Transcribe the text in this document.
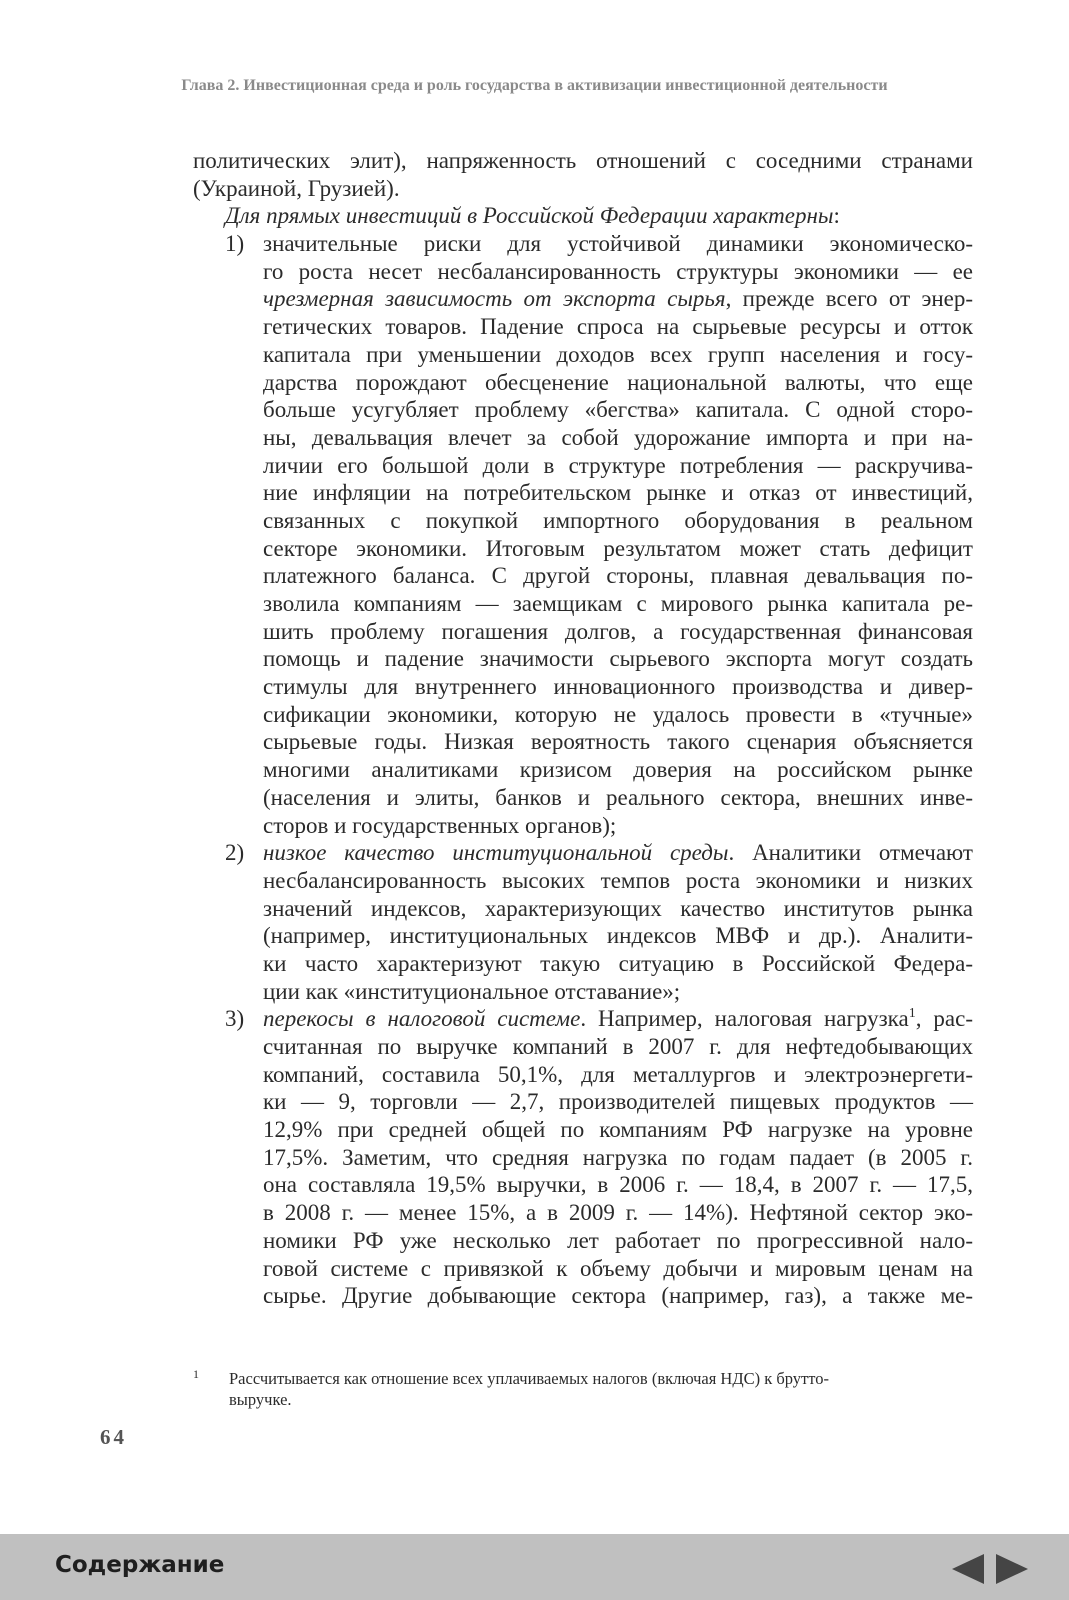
Глава 2. Инвестиционная среда и роль государства в активизации инвестиционной деятельности
политических элит), напряженность отношений с соседними странами
(Украиной, Грузией).
Для прямых инвестиций в Российской Федерации характерны:
1) значительные риски для устойчивой динамики экономическо-
го роста несет несбалансированность структуры экономики — ее
чрезмерная зависимость от экспорта сырья, прежде всего от энер-
гетических товаров. Падение спроса на сырьевые ресурсы и отток
капитала при уменьшении доходов всех групп населения и госу-
дарства порождают обесценение национальной валюты, что еще
больше усугубляет проблему «бегства» капитала. С одной сторо-
ны, девальвация влечет за собой удорожание импорта и при на-
личии его большой доли в структуре потребления — раскручива-
ние инфляции на потребительском рынке и отказ от инвестиций,
связанных с покупкой импортного оборудования в реальном
секторе экономики. Итоговым результатом может стать дефицит
платежного баланса. С другой стороны, плавная девальвация по-
зволила компаниям — заемщикам с мирового рынка капитала ре-
шить проблему погашения долгов, а государственная финансовая
помощь и падение значимости сырьевого экспорта могут создать
стимулы для внутреннего инновационного производства и дивер-
сификации экономики, которую не удалось провести в «тучные»
сырьевые годы. Низкая вероятность такого сценария объясняется
многими аналитиками кризисом доверия на российском рынке
(населения и элиты, банков и реального сектора, внешних инве-
сторов и государственных органов);
2) низкое качество институциональной среды. Аналитики отмечают
несбалансированность высоких темпов роста экономики и низких
значений индексов, характеризующих качество институтов рынка
(например, институциональных индексов МВФ и др.). Аналити-
ки часто характеризуют такую ситуацию в Российской Федера-
ции как «институциональное отставание»;
3) перекосы в налоговой системе. Например, налоговая нагрузка$^1$, рас-
считанная по выручке компаний в 2007 г. для нефтедобывающих
компаний, составила 50,1%, для металлургов и электроэнергети-
ки — 9, торговли — 2,7, производителей пищевых продуктов —
12,9% при средней общей по компаниям РФ нагрузке на уровне
17,5%. Заметим, что средняя нагрузка по годам падает (в 2005 г.
она составляла 19,5% выручки, в 2006 г. — 18,4, в 2007 г. — 17,5,
в 2008 г. — менее 15%, а в 2009 г. — 14%). Нефтяной сектор эко-
номики РФ уже несколько лет работает по прогрессивной нало-
говой системе с привязкой к объему добычи и мировым ценам на
сырье. Другие добывающие сектора (например, газ), а также ме-
1 Рассчитывается как отношение всех уплачиваемых налогов (включая НДС) к брутто-
выручке.
64
Содержание
